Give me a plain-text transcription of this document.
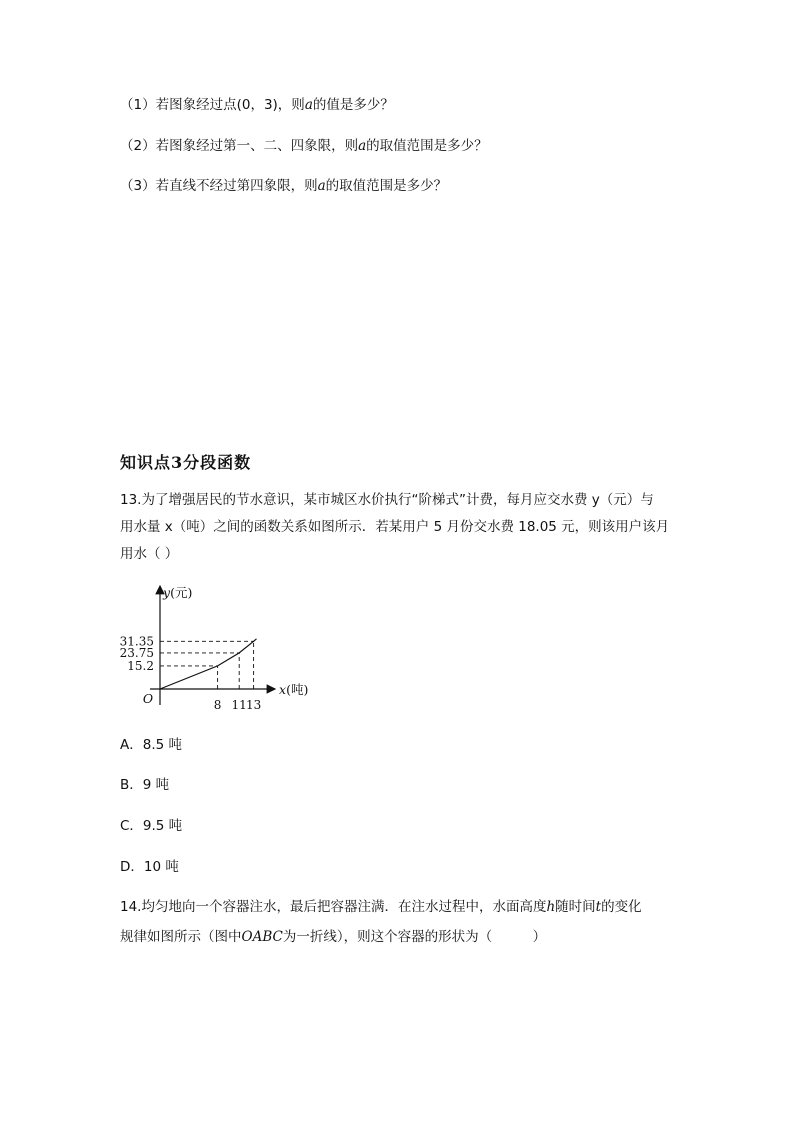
（1）若图象经过点(0，3)，则a的值是多少？
（2）若图象经过第一、二、四象限，则a的取值范围是多少？
（3）若直线不经过第四象限，则a的取值范围是多少？
知识点3分段函数
13.为了增强居民的节水意识，某市城区水价执行“阶梯式”计费，每月应交水费 y（元）与
用水量 x（吨）之间的函数关系如图所示．若某用户 5 月份交水费 18.05 元，则该用户该月
用水（ ）
8 11 13
15.2
23.75
31.35
O
x(吨)
y(元)
A．8.5 吨
B．9 吨
C．9.5 吨
D．10 吨
14.均匀地向一个容器注水，最后把容器注满．在注水过程中，水面高度h随时间t的变化
规律如图所示（图中OABC为一折线），则这个容器的形状为（　　　）
